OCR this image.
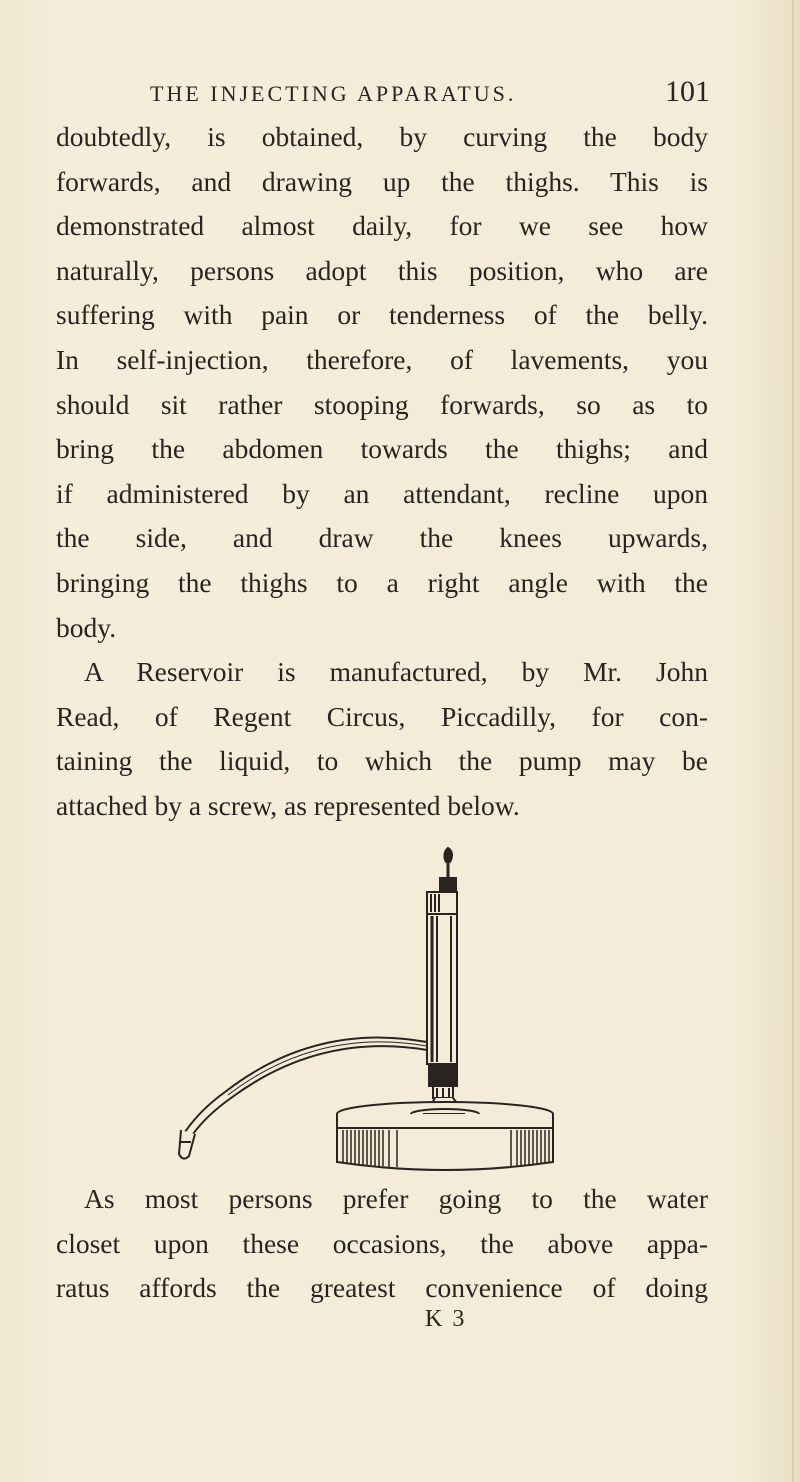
THE INJECTING APPARATUS.	101
doubtedly, is obtained, by curving the body
forwards, and drawing up the thighs. This is
demonstrated almost daily, for we see how
naturally, persons adopt this position, who are
suffering with pain or tenderness of the belly.
In self-injection, therefore, of lavements, you
should sit rather stooping forwards, so as to
bring the abdomen towards the thighs; and
if administered by an attendant, recline upon
the side, and draw the knees upwards,
bringing the thighs to a right angle with the
body.
A Reservoir is manufactured, by Mr. John
Read, of Regent Circus, Piccadilly, for con-
taining the liquid, to which the pump may be
attached by a screw, as represented below.
As most persons prefer going to the water
closet upon these occasions, the above appa-
ratus affords the greatest convenience of doing
K 3
